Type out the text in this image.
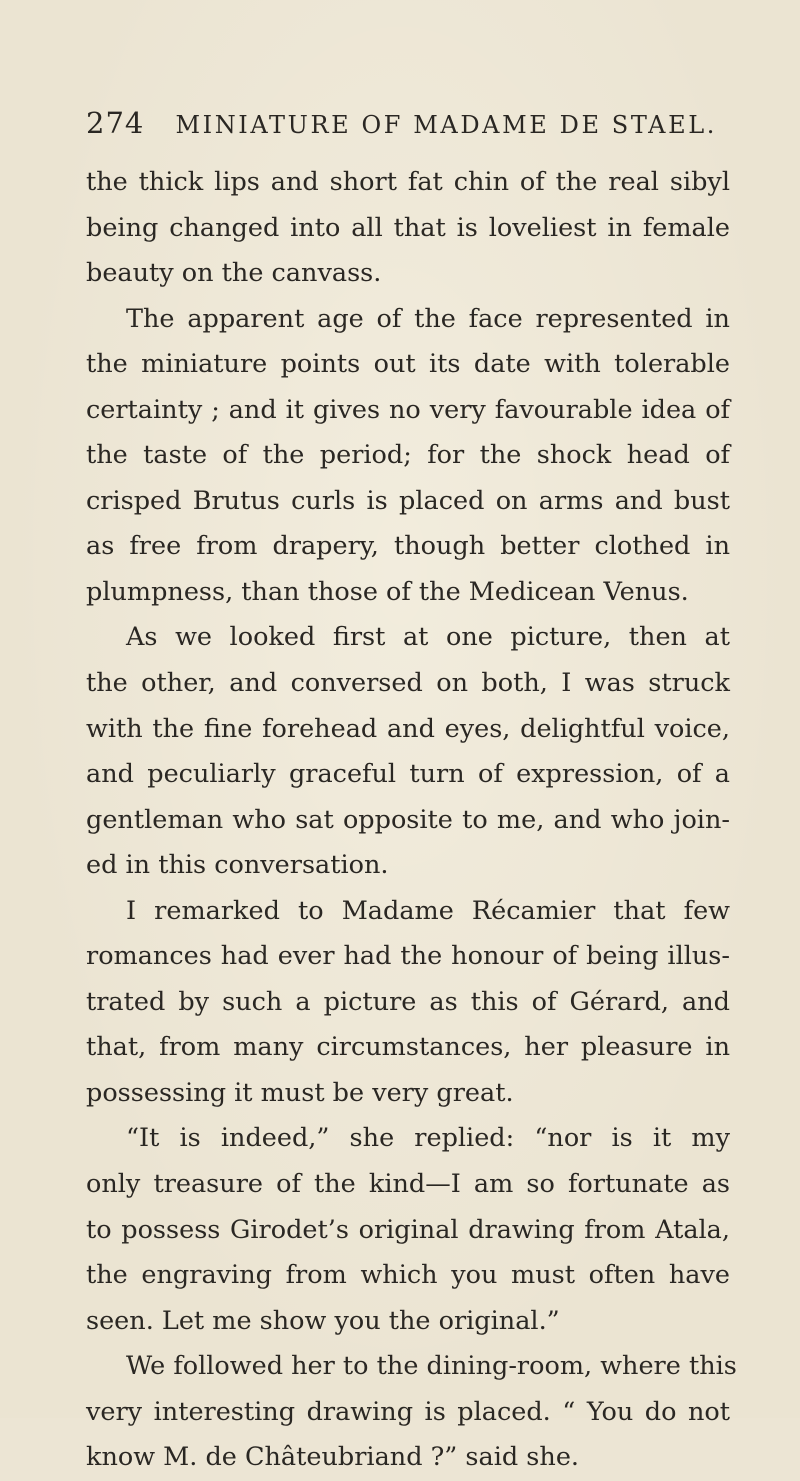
274 MINIATURE OF MADAME DE STAEL.
the thick lips and short fat chin of the real sibyl
being changed into all that is loveliest in female
beauty on the canvass.
The apparent age of the face represented in
the miniature points out its date with tolerable
certainty ; and it gives no very favourable idea of
the taste of the period; for the shock head of
crisped Brutus curls is placed on arms and bust
as free from drapery, though better clothed in
plumpness, than those of the Medicean Venus.
As we looked first at one picture, then at
the other, and conversed on both, I was struck
with the fine forehead and eyes, delightful voice,
and peculiarly graceful turn of expression, of a
gentleman who sat opposite to me, and who join-
ed in this conversation.
I remarked to Madame Récamier that few
romances had ever had the honour of being illus-
trated by such a picture as this of Gérard, and
that, from many circumstances, her pleasure in
possessing it must be very great.
“It is indeed,” she replied: “nor is it my
only treasure of the kind—I am so fortunate as
to possess Girodet’s original drawing from Atala,
the engraving from which you must often have
seen. Let me show you the original.”
We followed her to the dining-room, where this
very interesting drawing is placed. “ You do not
know M. de Châteubriand ?” said she.
